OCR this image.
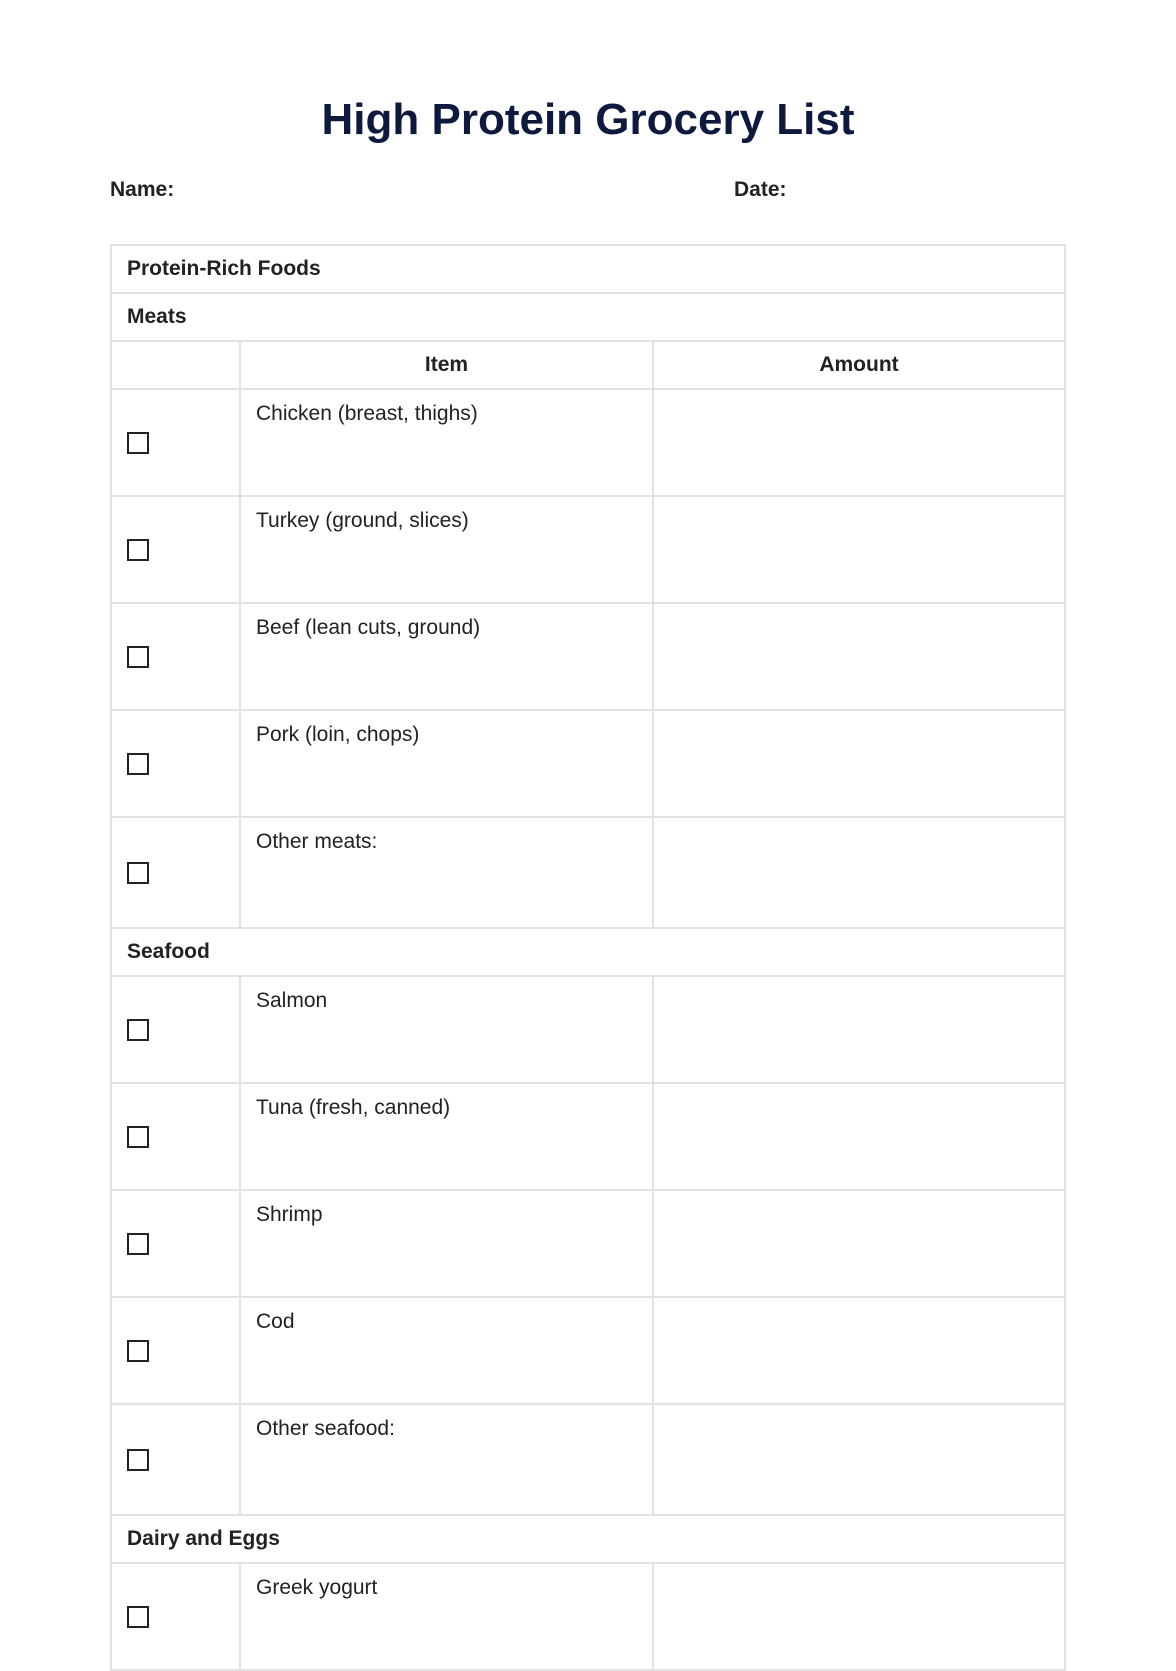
High Protein Grocery List
Name:	Date:
Protein-Rich Foods		
Meats		
	Item	Amount

	Chicken (breast, thighs)	

	Turkey (ground, slices)	

	Beef (lean cuts, ground)	

	Pork (loin, chops)	

	Other meats:	
Seafood		

	Salmon	

	Tuna (fresh, canned)	

	Shrimp	

	Cod	

	Other seafood:	
Dairy and Eggs		

	Greek yogurt	
